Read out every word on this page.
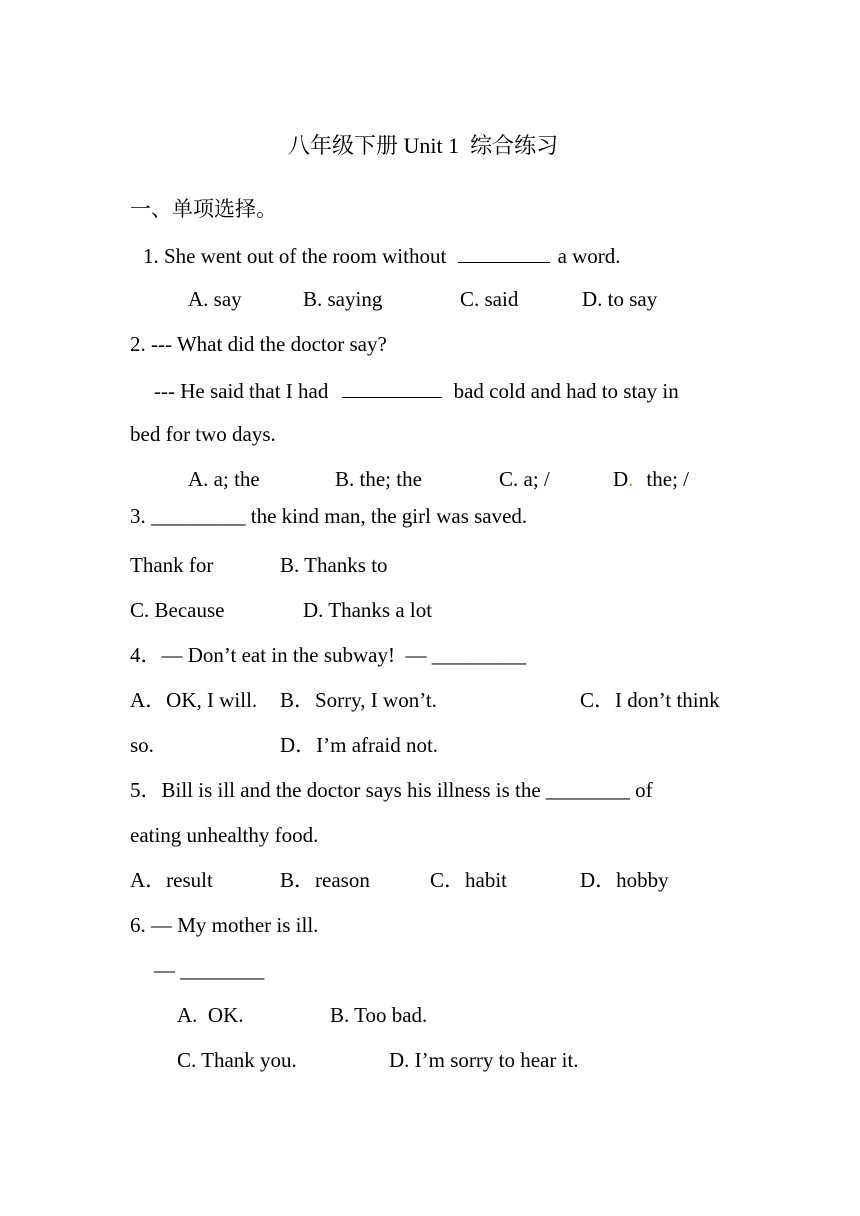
八年级下册 Unit 1  综合练习
一、单项选择。
1. She went out of the room without	a word.
A. say	B. saying	C. said	D. to say
2. --- What did the doctor say?
--- He said that I had	bad cold and had to stay in
bed for two days.
A. a; the	B. the; the	C. a; /	D. the; /
3. _________ the kind man, the girl was saved.
Thank for	B. Thanks to
C. Because	D. Thanks a lot
4．— Don’t eat in the subway!  — _________
A．OK, I will. B．Sorry, I won’t.	C．I don’t think
so.	D．I’m afraid not.
5．Bill is ill and the doctor says his illness is the ________ of
eating unhealthy food.
A．result	B．reason	C．habit	D．hobby
6. — My mother is ill.
— ________
A.  OK.	B. Too bad.
C. Thank you.	D. I’m sorry to hear it.
